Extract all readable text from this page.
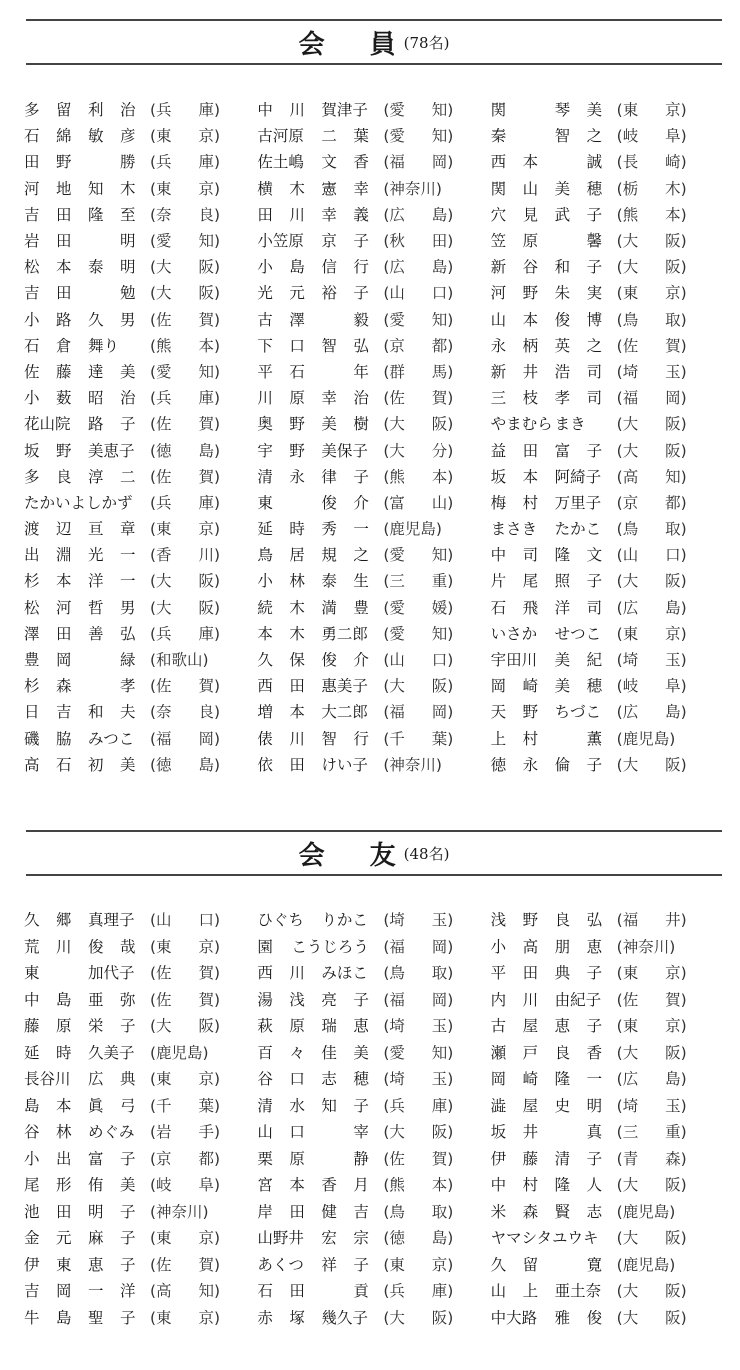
会 員
(78名)
多	留	利	治 (兵 庫) 中	川	賀津子 (愛 知) 関	琴	美 (東 京)
石	綿	敏	彦 (東 京) 古河原 二	葉 (愛 知) 秦	智	之 (岐 阜)
田	野	勝 (兵 庫) 佐土嶋 文	香 (福 岡) 西	本	誠 (長 崎)
河	地	知	木 (東 京) 横	木	憲	幸 (神奈川)	関	山	美	穂 (栃 木)
吉	田	隆	至 (奈 良) 田	川	幸	義 (広 島) 穴	見	武	子 (熊 本)
岩	田	明 (愛 知) 小笠原 京	子 (秋 田) 笠	原	馨 (大 阪)
松	本	泰	明 (大 阪) 小	島	信	行 (広 島) 新	谷	和	子 (大 阪)
吉	田	勉 (大 阪) 光	元	裕	子 (山 口) 河	野	朱	実 (東 京)
小	路	久	男 (佐 賀) 古	澤	毅 (愛 知) 山	本	俊	博 (鳥 取)
石	倉	舞り (熊 本) 下	口	智	弘 (京 都) 永	柄	英	之 (佐 賀)
佐	藤	達	美 (愛 知) 平	石	年 (群 馬) 新	井	浩	司 (埼 玉)
小	薮	昭	治 (兵 庫) 川	原	幸	治 (佐 賀) 三	枝	孝	司 (福 岡)
花山院 路	子 (佐 賀) 奥	野	美	樹 (大 阪) やまむら まき (大 阪)
坂	野	美恵子 (徳 島) 宇	野	美保子 (大 分) 益	田	富	子 (大 阪)
多	良	淳	二 (佐 賀) 清	永	律	子 (熊 本) 坂	本	阿綺子 (高 知)
たかいよしかず (兵 庫) 東	俊	介 (富 山) 梅	村	万里子 (京 都)
渡	辺	亘	章 (東 京) 延	時	秀	一 (鹿児島)	まさき たかこ (鳥 取)
出	淵	光	一 (香 川) 鳥	居	規	之 (愛 知) 中	司	隆	文 (山 口)
杉	本	洋	一 (大 阪) 小	林	泰	生 (三 重) 片	尾	照	子 (大 阪)
松	河	哲	男 (大 阪) 続	木	満	豊 (愛 媛) 石	飛	洋	司 (広 島)
澤	田	善	弘 (兵 庫) 本	木	勇二郎 (愛 知) いさか せつこ (東 京)
豊	岡	緑 (和歌山)	久	保	俊	介 (山 口) 宇田川 美	紀 (埼 玉)
杉	森	孝 (佐 賀) 西	田	惠美子 (大 阪) 岡	崎	美	穂 (岐 阜)
日	吉	和	夫 (奈 良) 増	本	大二郎 (福 岡) 天	野	ちづこ (広 島)
磯	脇	みつこ (福 岡) 俵	川	智	行 (千 葉) 上	村	薫 (鹿児島)
高	石	初	美 (徳 島) 依	田	けい子 (神奈川)	徳	永	倫	子 (大 阪)
会 友
(48名)
久	郷	真理子 (山 口) ひぐち りかこ (埼 玉) 浅	野	良	弘 (福 井)
荒	川	俊	哉 (東 京) 園	こうじろう (福 岡) 小	高	朋	恵 (神奈川)
東	加代子 (佐 賀) 西	川	みほこ (鳥 取) 平	田	典	子 (東 京)
中	島	亜	弥 (佐 賀) 湯	浅	亮	子 (福 岡) 内	川	由紀子 (佐 賀)
藤	原	栄	子 (大 阪) 萩	原	瑞	恵 (埼 玉) 古	屋	恵	子 (東 京)
延	時	久美子 (鹿児島)	百	々	佳	美 (愛 知) 瀬	戸	良	香 (大 阪)
長谷川 広	典 (東 京) 谷	口	志	穂 (埼 玉) 岡	崎	隆	一 (広 島)
島	本	眞	弓 (千 葉) 清	水	知	子 (兵 庫) 澁	屋	史	明 (埼 玉)
谷	林	めぐみ (岩 手) 山	口	宰 (大 阪) 坂	井	真 (三 重)
小	出	富	子 (京 都) 栗	原	静 (佐 賀) 伊	藤	清	子 (青 森)
尾	形	侑	美 (岐 阜) 宮	本	香	月 (熊 本) 中	村	隆	人 (大 阪)
池	田	明	子 (神奈川)	岸	田	健	吉 (鳥 取) 米	森	賢	志 (鹿児島)
金	元	麻	子 (東 京) 山野井 宏	宗 (徳 島) ヤマシタユウキ (大 阪)
伊	東	恵	子 (佐 賀) あくつ 祥	子 (東 京) 久	留	寛 (鹿児島)
吉	岡	一	洋 (高 知) 石	田	貢 (兵 庫) 山	上	亜土奈 (大 阪)
牛	島	聖	子 (東 京) 赤	塚	幾久子 (大 阪) 中大路 雅	俊 (大 阪)
